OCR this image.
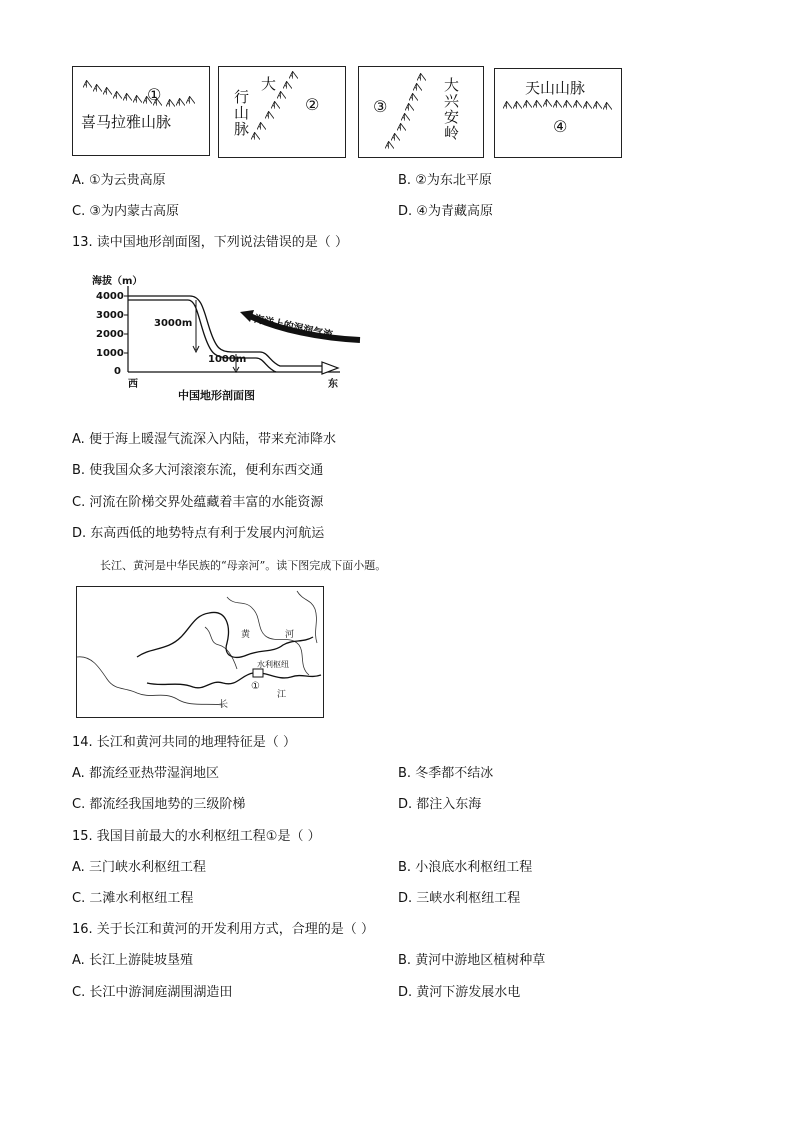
①
喜马拉雅山脉
大
行山脉	②	③	大兴安岭	天山山脉
④
A. ①为云贵高原	B. ②为东北平原
C. ③为内蒙古高原	D. ④为青藏高原
13. 读中国地形剖面图，下列说法错误的是（ ）
海拔（m）
4000
3000
2000
1000
0
西	东
3000m
1000m
海洋上的湿润气流
中国地形剖面图
A. 便于海上暖湿气流深入内陆，带来充沛降水
B. 使我国众多大河滚滚东流，便利东西交通
C. 河流在阶梯交界处蕴藏着丰富的水能资源
D. 东高西低的地势特点有利于发展内河航运
长江、黄河是中华民族的“母亲河”。读下图完成下面小题。
黄	河
水利枢纽
①
长
江
14. 长江和黄河共同的地理特征是（ ）
A. 都流经亚热带湿润地区	B. 冬季都不结冰
C. 都流经我国地势的三级阶梯	D. 都注入东海
15. 我国目前最大的水利枢纽工程①是（ ）
A. 三门峡水利枢纽工程	B. 小浪底水利枢纽工程
C. 二滩水利枢纽工程	D. 三峡水利枢纽工程
16. 关于长江和黄河的开发利用方式，合理的是（ ）
A. 长江上游陡坡垦殖	B. 黄河中游地区植树种草
C. 长江中游洞庭湖围湖造田	D. 黄河下游发展水电
